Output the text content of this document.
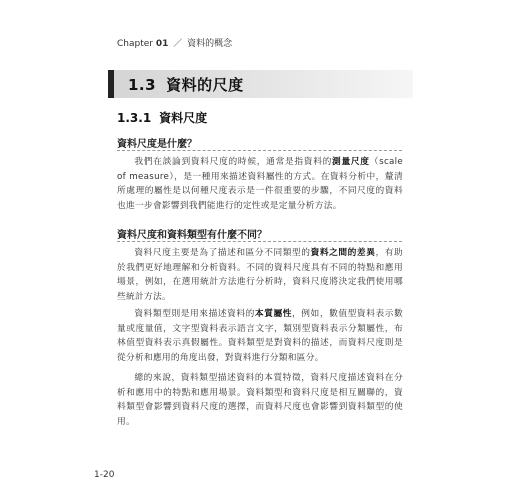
Chapter 01 ／ 資料的概念
1.3 資料的尺度
1.3.1 資料尺度
資料尺度是什麼？
我們在談論到資料尺度的時候，通常是指資料的測量尺度（scale of measure），是一種用來描述資料屬性的方式。在資料分析中，釐清所處理的屬性是以何種尺度表示是一件很重要的步驟，不同尺度的資料也進一步會影響到我們能進行的定性或是定量分析方法。
資料尺度和資料類型有什麼不同？
資料尺度主要是為了描述和區分不同類型的資料之間的差異，有助於我們更好地理解和分析資料。不同的資料尺度具有不同的特點和應用場景，例如，在選用統計方法進行分析時，資料尺度將決定我們使用哪些統計方法。
資料類型則是用來描述資料的本質屬性，例如，數值型資料表示數量或度量值，文字型資料表示語言文字，類別型資料表示分類屬性，布林值型資料表示真假屬性。資料類型是對資料的描述，而資料尺度則是從分析和應用的角度出發，對資料進行分類和區分。
總的來說，資料類型描述資料的本質特徵，資料尺度描述資料在分析和應用中的特點和應用場景。資料類型和資料尺度是相互關聯的，資料類型會影響到資料尺度的選擇，而資料尺度也會影響到資料類型的使用。
1-20
